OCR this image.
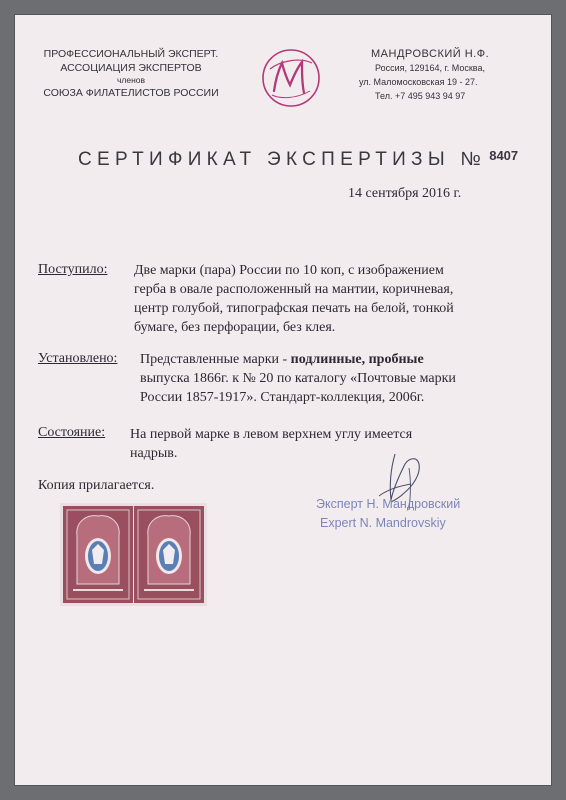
ПРОФЕССИОНАЛЬНЫЙ ЭКСПЕРТ.
АССОЦИАЦИЯ ЭКСПЕРТОВ
членов
СОЮЗА ФИЛАТЕЛИСТОВ РОССИИ
МАНДРОВСКИЙ Н.Ф.
Россия, 129164, г. Москва,
ул. Маломосковская 19 - 27.
Тел. +7 495 943 94 97
СЕРТИФИКАТ ЭКСПЕРТИЗЫ № $^{8407}$
14 сентября 2016 г.
Поступило: Две марки (пара) России по 10 коп, с изображением
герба в овале расположенный на мантии, коричневая,
центр голубой, типографская печать на белой, тонкой
бумаге, без перфорации, без клея.
Установлено: Представленные марки - подлинные, пробные
выпуска 1866г. к № 20 по каталогу «Почтовые марки
России 1857-1917». Стандарт-коллекция, 2006г.
Состояние: На первой марке в левом верхнем углу имеется
надрыв.
Копия прилагается.
Эксперт Н. Мандровский
Expert N. Mandrovskiy
